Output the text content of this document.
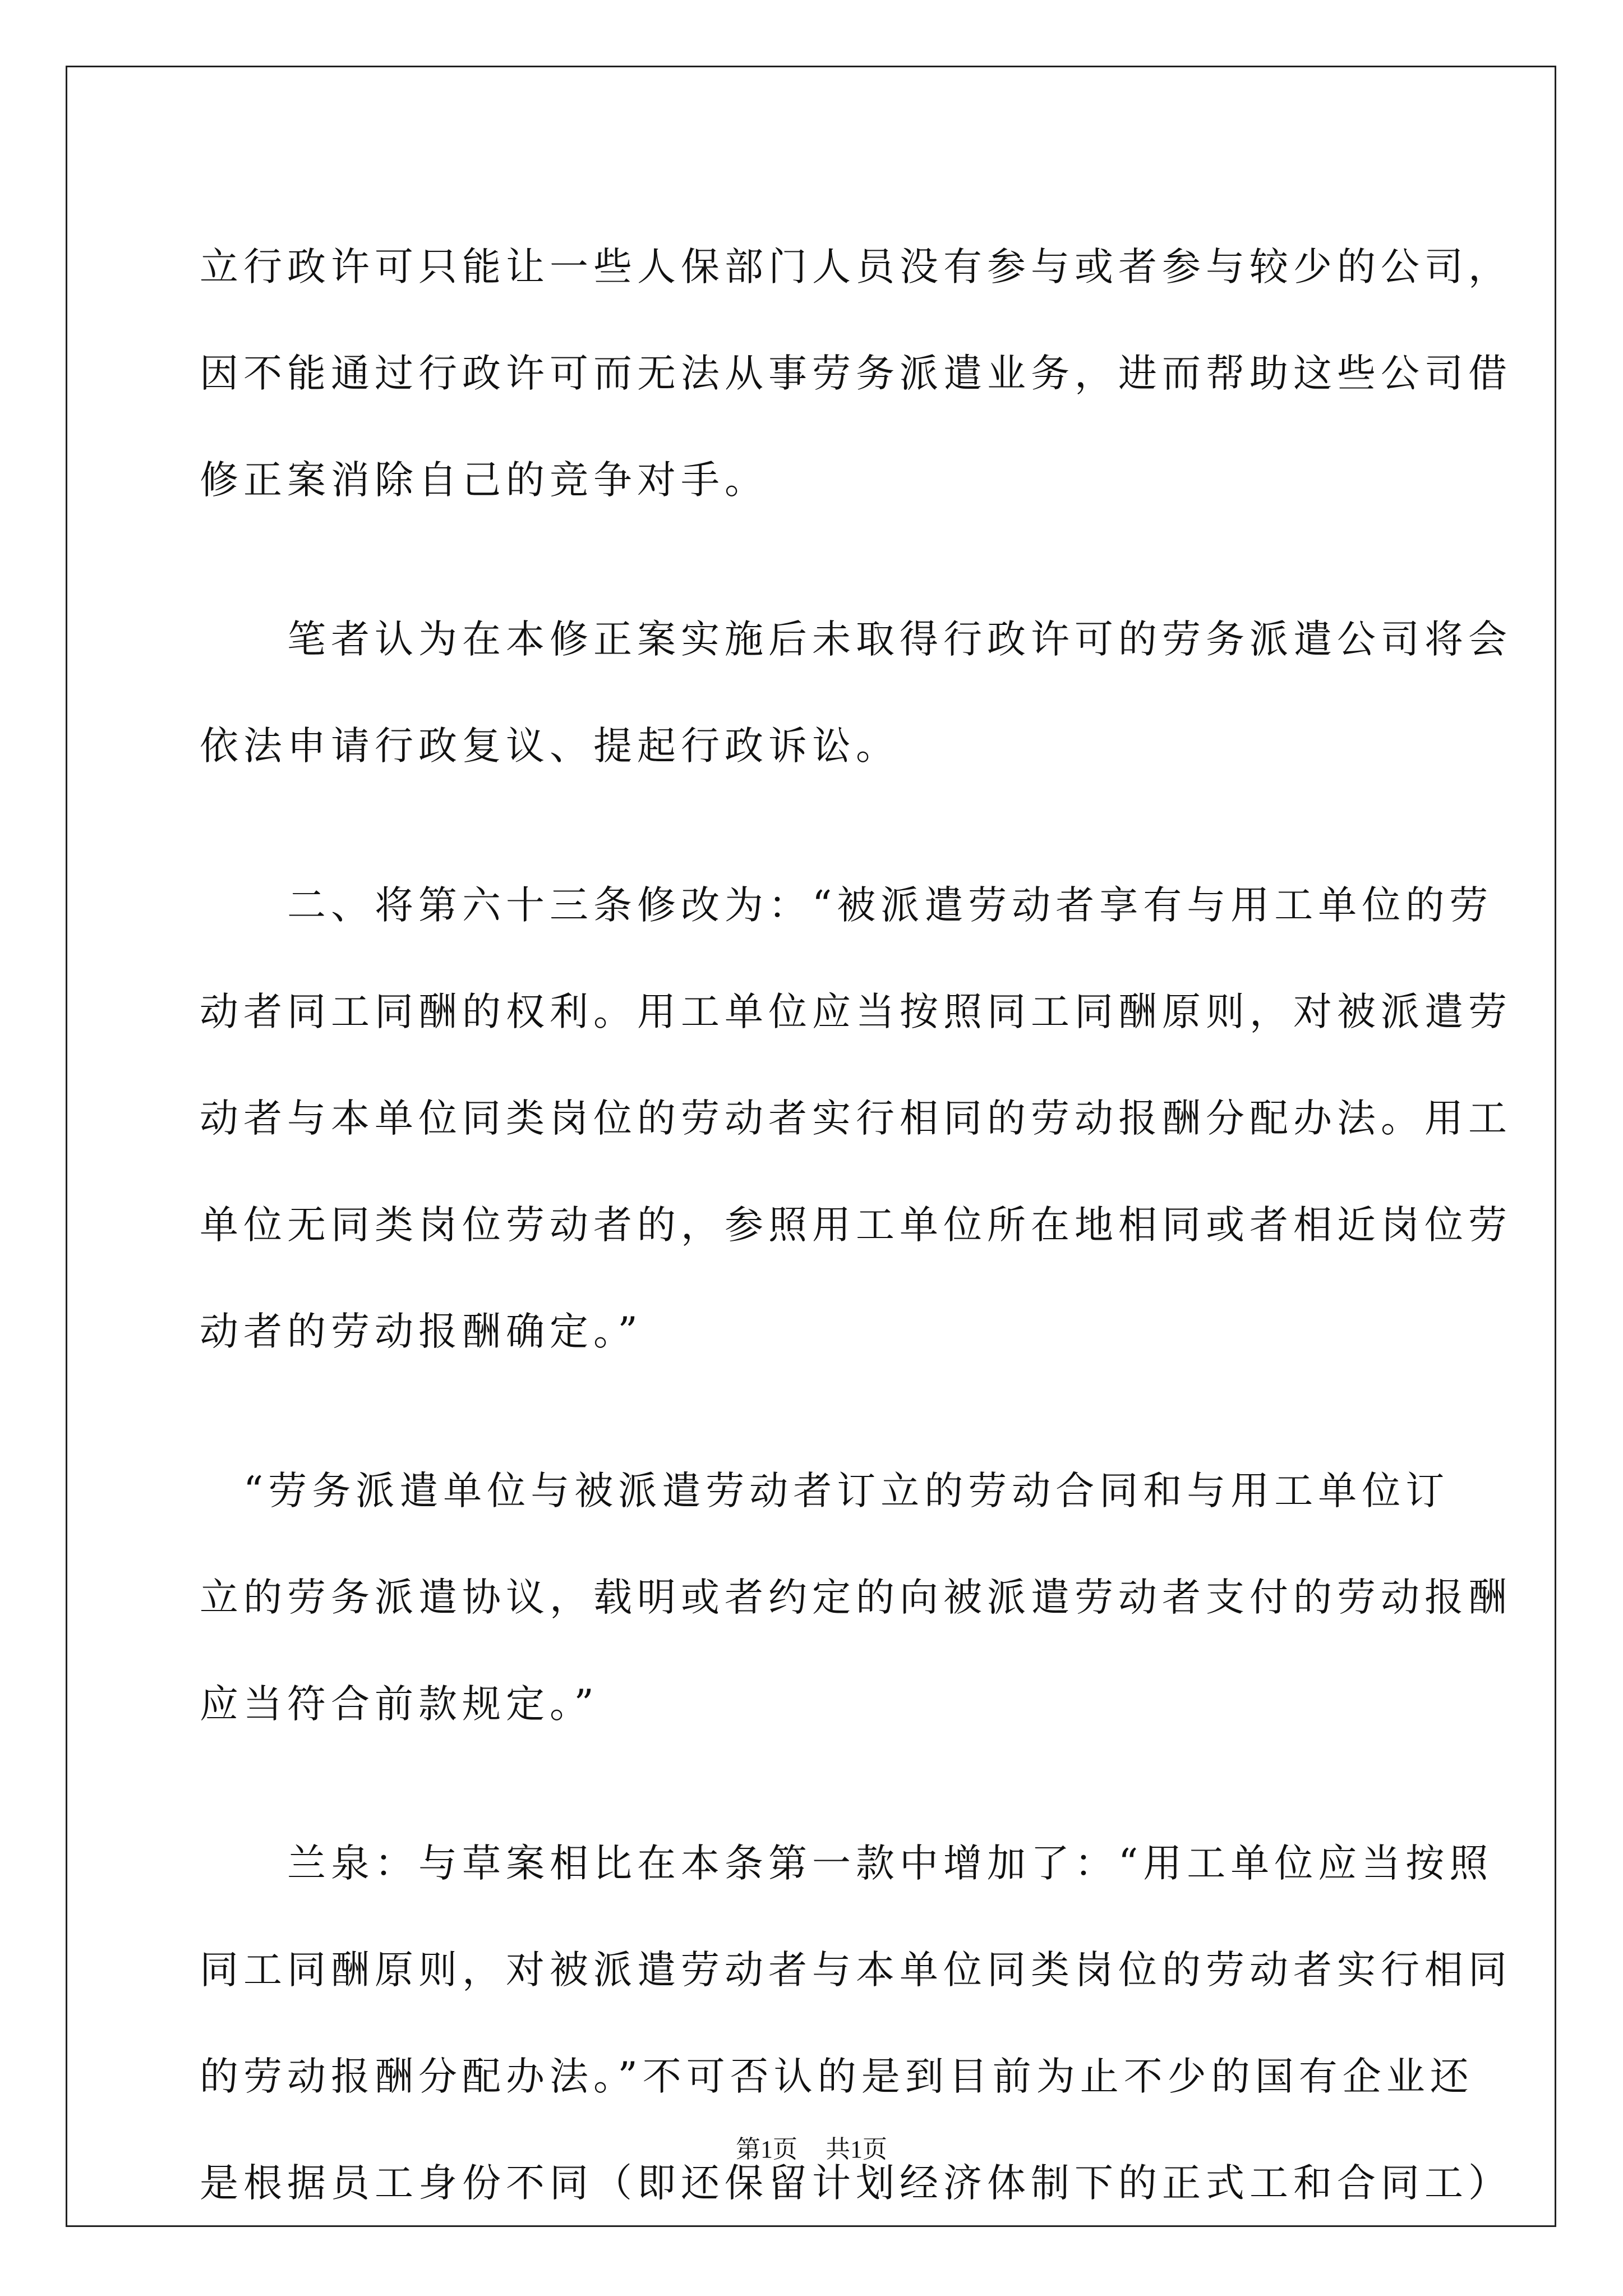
立行政许可只能让一些人保部门人员没有参与或者参与较少的公司，
因不能通过行政许可而无法从事劳务派遣业务，进而帮助这些公司借
修正案消除自己的竞争对手。
　　笔者认为在本修正案实施后未取得行政许可的劳务派遣公司将会
依法申请行政复议、提起行政诉讼。
　　二、将第六十三条修改为：“被派遣劳动者享有与用工单位的劳
动者同工同酬的权利。用工单位应当按照同工同酬原则，对被派遣劳
动者与本单位同类岗位的劳动者实行相同的劳动报酬分配办法。用工
单位无同类岗位劳动者的，参照用工单位所在地相同或者相近岗位劳
动者的劳动报酬确定。”
　“劳务派遣单位与被派遣劳动者订立的劳动合同和与用工单位订
立的劳务派遣协议，载明或者约定的向被派遣劳动者支付的劳动报酬
应当符合前款规定。”
　　兰泉：与草案相比在本条第一款中增加了：“用工单位应当按照
同工同酬原则，对被派遣劳动者与本单位同类岗位的劳动者实行相同
的劳动报酬分配办法。”不可否认的是到目前为止不少的国有企业还
是根据员工身份不同（即还保留计划经济体制下的正式工和合同工）
第1页 共1页
